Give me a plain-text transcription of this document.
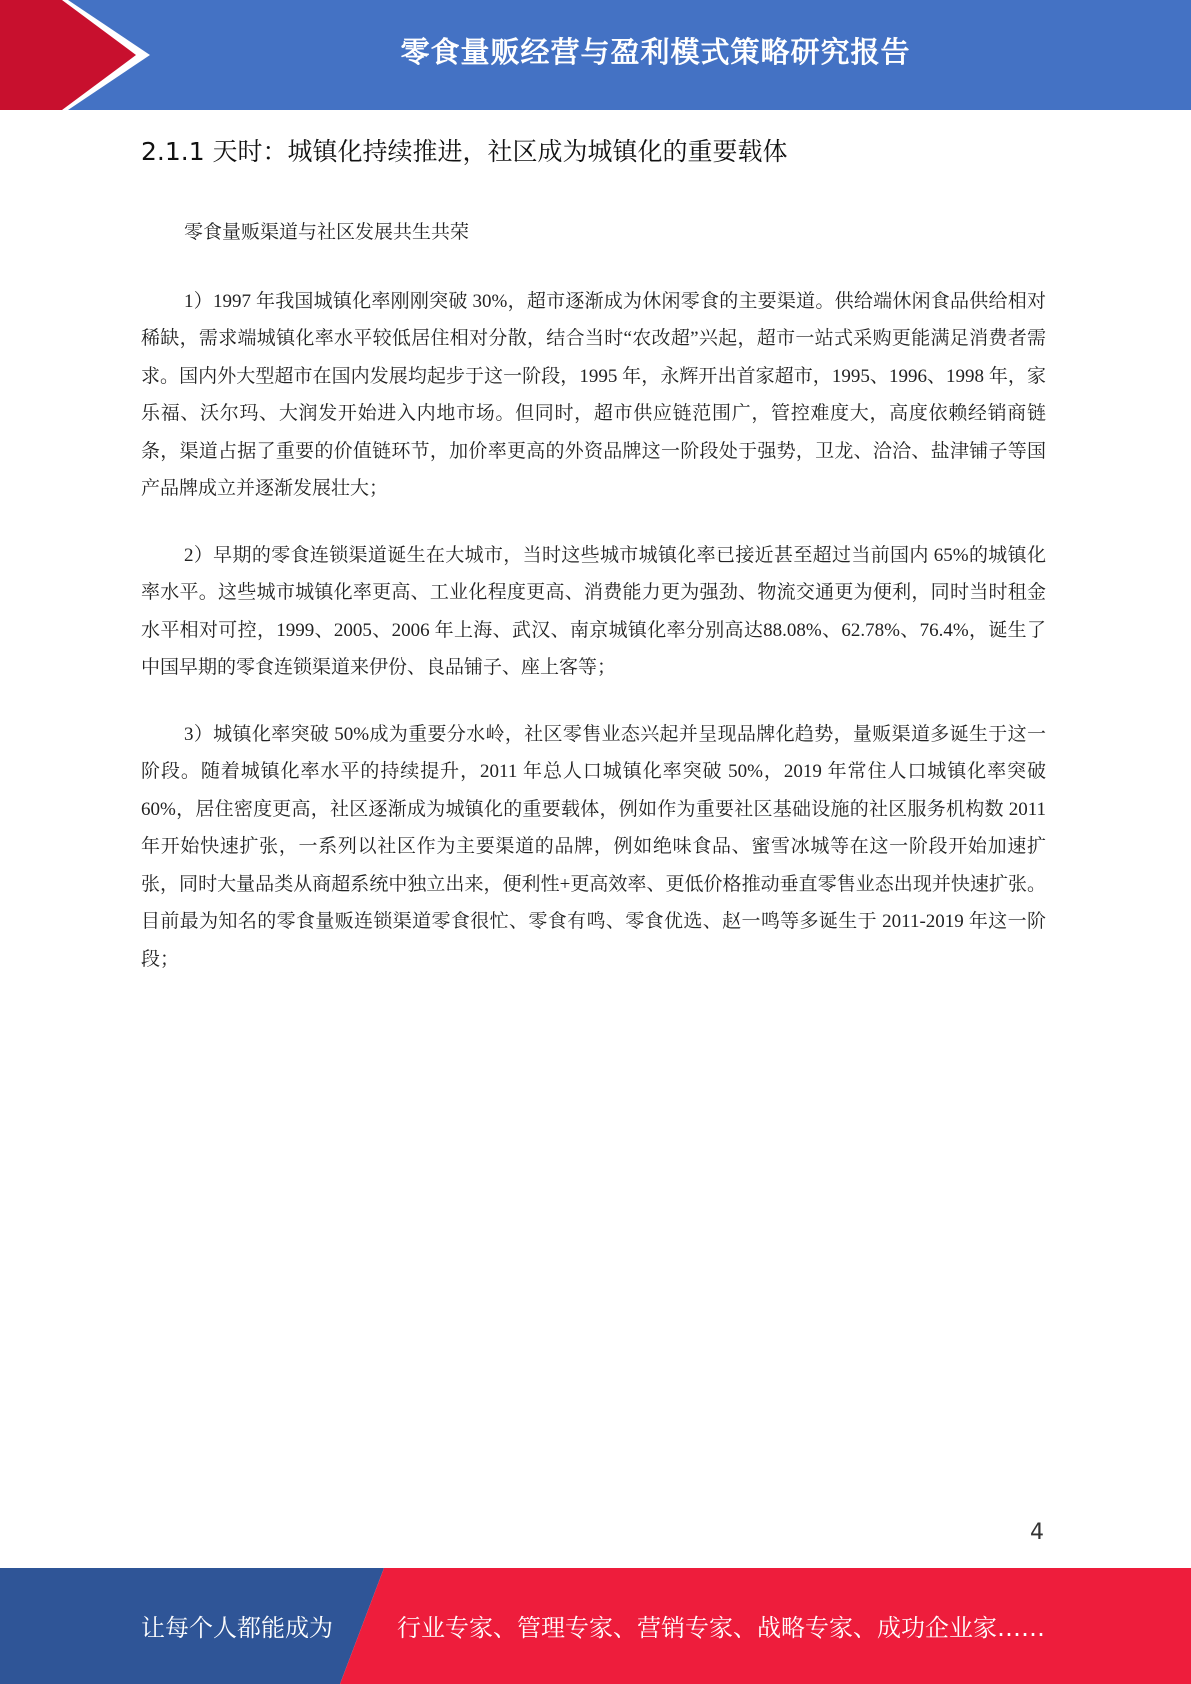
零食量贩经营与盈利模式策略研究报告
2.1.1 天时：城镇化持续推进，社区成为城镇化的重要载体

零食量贩渠道与社区发展共生共荣

1）1997 年我国城镇化率刚刚突破 30%，超市逐渐成为休闲零食的主要渠道。供给端休闲食品供给相对稀缺，需求端城镇化率水平较低居住相对分散，结合当时“农改超”兴起，超市一站式采购更能满足消费者需求。国内外大型超市在国内发展均起步于这一阶段，1995 年，永辉开出首家超市，1995、1996、1998 年，家乐福、沃尔玛、大润发开始进入内地市场。但同时，超市供应链范围广，管控难度大，高度依赖经销商链条，渠道占据了重要的价值链环节，加价率更高的外资品牌这一阶段处于强势，卫龙、洽洽、盐津铺子等国产品牌成立并逐渐发展壮大；

2）早期的零食连锁渠道诞生在大城市，当时这些城市城镇化率已接近甚至超过当前国内 65%的城镇化率水平。这些城市城镇化率更高、工业化程度更高、消费能力更为强劲、物流交通更为便利，同时当时租金水平相对可控，1999、2005、2006 年上海、武汉、南京城镇化率分别高达88.08%、62.78%、76.4%，诞生了中国早期的零食连锁渠道来伊份、良品铺子、座上客等；

3）城镇化率突破 50%成为重要分水岭，社区零售业态兴起并呈现品牌化趋势，量贩渠道多诞生于这一阶段。随着城镇化率水平的持续提升，2011 年总人口城镇化率突破 50%，2019 年常住人口城镇化率突破 60%，居住密度更高，社区逐渐成为城镇化的重要载体，例如作为重要社区基础设施的社区服务机构数 2011 年开始快速扩张，一系列以社区作为主要渠道的品牌，例如绝味食品、蜜雪冰城等在这一阶段开始加速扩张，同时大量品类从商超系统中独立出来，便利性+更高效率、更低价格推动垂直零售业态出现并快速扩张。目前最为知名的零食量贩连锁渠道零食很忙、零食有鸣、零食优选、赵一鸣等多诞生于 2011-2019 年这一阶段；

4
让每个人都能成为	行业专家、管理专家、营销专家、战略专家、成功企业家……
